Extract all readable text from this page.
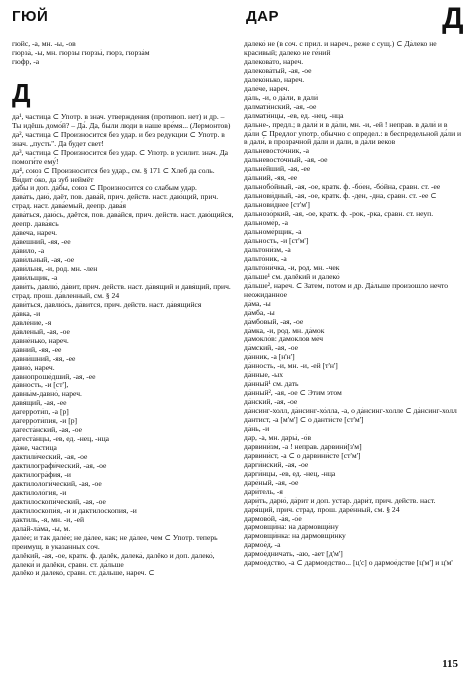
ГЮЙ	ДАР	Д
гюйс, -а, мн. -ы, -ов
гюрза́, -ы, мн. гюрзы гюрзы́, гюрз, гюрза́м
гюфр, -а
Д
да¹, частица ⊂ Употр. в знач. утверждения (противоп. нет) и др. – Ты идёшь домо́й? – Да́. Да, были люди в наше вре́мя... (Лермонтов)
да², частица ⊂ Произносится без удар. и без редукции ⊂ Употр. в знач. „пусть". Да будет свет!
да³, частица ⊂ Произносится без удар. ⊂ Употр. в усилит. знач. Да помоги́те ему́!
да⁴, союз ⊂ Произносится без удар., см. § 171 ⊂ Хлеб да соль. Ви́дит о́ко, да зуб неймёт
да́бы и доп. да́бы, союз ⊂ Произносится со слабым удар.
дава́ть, даю́, даёт, пов. дава́й, прич. действ. наст. даю́щий, прич. страд. наст. дава́емый, деепр. дава́я
дава́ться, даю́сь, даётся, пов. дава́йся, прич. действ. наст. даю́щийся, деепр. дава́ясь
да́веча, нареч.
да́вешний, -яя, -ее
да́вило, -а
дави́льный, -ая, -ое
дави́льня, -и, род. мн. -лен
дави́льщик, -а
дави́ть, давлю́, да́вит, прич. действ. наст. да́вящий и давя́щий, прич. страд. прош. да́вленный, см. § 24
дави́ться, давлю́сь, да́вится, прич. действ. наст. да́вящийся
да́вка, -и
давле́ние, -я
да́вленый, -ая, -ое
давне́нько, нареч.
да́вний, -яя, -ее
давни́шний, -яя, -ее
давно́, нареч.
давнопроше́дший, -ая, -ее
да́вность, -и [ст'],
давны́м-давно́, нареч.
давя́щий, -ая, -ее
дагерроти́п, -а [р]
дагерроти́пия, -и [р]
дагеста́нский, -ая, -ое
дагеста́нцы, -ев, ед. -нец, -нца
да́же, частица
дактили́ческий, -ая, -ое
дактилографи́ческий, -ая, -ое
дактилогра́фия, -и
дактилологи́ческий, -ая, -ое
дактилоло́гия, -и
дактилоскопи́ческий, -ая, -ое
дактилоскопи́я, -и и дактилоскопия, -и
да́ктиль, -я, мн. -и, -ей
дала́й-ла́ма, -ы, м.
дале́е; и так дале́е; не да́лее, как; не да́лее, чем ⊂ Употр. теперь преимущ. в указанных соч.
далёкий, -ая, -ое, кратк. ф. далёк, далека́, далёко и доп. далеко́, далеки́ и далёки, сравн. ст. да́льше
далёко и далеко́, сравн. ст. да́льше, нареч. ⊂
далеко́ не (в соч. с прил. и нареч., реже с сущ.) ⊂ Да́леко не красивый; далеко не ге́ний
далекова́то, нареч.
далекова́тый, -ая, -ое
далеко́нько, нареч.
дале́че, нареч.
да́ль, -и, о да́ли, в дали́
далмати́нский, -ая, -ое
далмати́нцы, -ев, ед. -нец, -нца
дальне-, предл.; в дали́ и в да́ли, мн. -и, -ей ! неправ. в дали́ и в да́ли ⊂ Предлог употр. обычно с определ.: в беспредельной да́ли и в дали́, в прозрачной да́ли и дали, в да́ли веков
дальневосто́чник, -а
дальневосто́чный, -ая, -ое
дальне́йший, -ая, -ее
да́льний, -яя, -ее
дальнобо́йный, -ая, -ое, кратк. ф. -бо́ен, -бо́йна, сравн. ст. -ее
дальнови́дный, -ая, -ое, кратк. ф. -ден, -дна, сравн. ст. -ее ⊂ дальнови́днее [ст'м']
дальнозо́ркий, -ая, -ое, кратк. ф. -рок, -рка, сравн. ст. неуп.
дальноме́р, -а
дальноме́рщик, -а
да́льность, -и [ст'м']
дальтони́зм, -а
дальто́ник, -а
дальто́ни́чка, -и, род. мн. -чек
да́льше¹ см. далёкий и далеко́
да́льше², нареч. ⊂ Затем, потом и др. Да́льше произошло нечто неожиданное
да́ма, -ы
да́мба, -ы
да́мбовый, -ая, -ое
да́мка, -и, род. мн. да́мок
дамокло́в: дамоклов ме́ч
да́мский, -ая, -ое
да́нник, -а [н'н']
да́нность, -и, мн. -и, -ей [т'н']
да́нные, -ых
да́нный¹ см. дать
да́нный², -ая, -ое ⊂ Этим этом
да́нский, -ая, -ое
да́нсинг-холл, да́нсинг-хо́лла, -а, о да́нсинг-холле ⊂ да́нсинг-холл
дантист, -а [м'м'] ⊂ о данти́сте [ст'м']
да́нь, -и
дар, -а, мн. дары́, -о́в
дарвини́зм, -а ! неправ. дарвини́[з'м]
дарвини́ст, -а ⊂ о дарвини́сте [ст'м']
дарги́нский, -ая, -ое
дарги́нцы, -ев, ед. -нец, -нца
даре́ный, -ая, -ое
дари́тель, -я
дари́ть, дарю́, да́рит и доп. устар. дари́т, прич. действ. наст. даря́щий, прич. страд. прош. даре́нный, см. § 24
дармово́й, -а́я, -о́е
дармовщи́на: на дармовщи́ну
дармовщи́нка: на дармовщи́нку
дармое́д, -а
дармое́дничать, -аю, -ает [д'м']
дармое́дство, -а ⊂ дармоедство... [ц'с] о дармое́дстве [ц'м'] и ц'м'
115
